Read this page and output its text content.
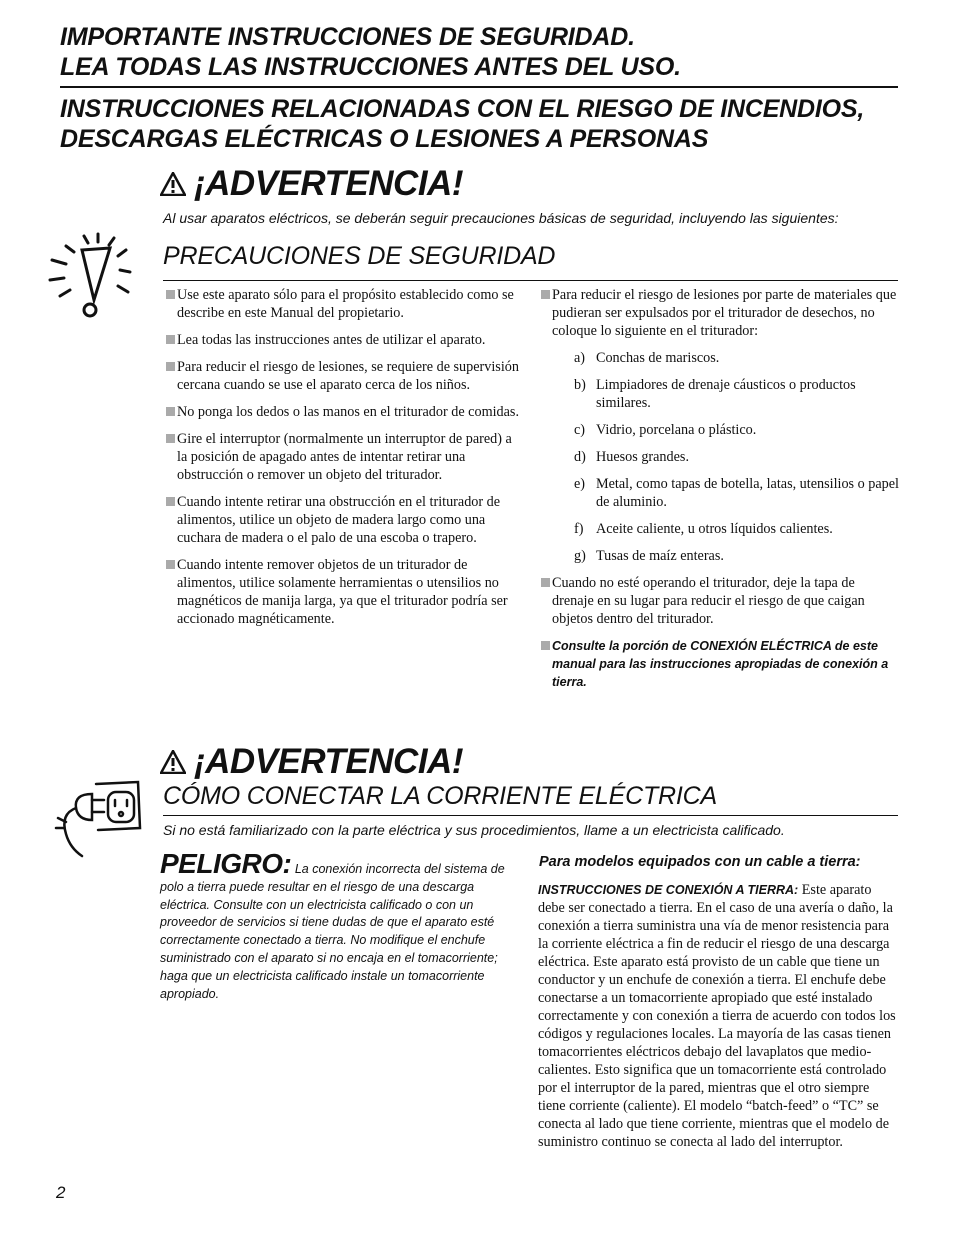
IMPORTANTE INSTRUCCIONES DE SEGURIDAD.
LEA TODAS LAS INSTRUCCIONES ANTES DEL USO.
INSTRUCCIONES RELACIONADAS CON EL RIESGO DE INCENDIOS,
DESCARGAS ELÉCTRICAS O LESIONES A PERSONAS
¡ADVERTENCIA!
Al usar aparatos eléctricos, se deberán seguir precauciones básicas de seguridad, incluyendo las siguientes:
PRECAUCIONES DE SEGURIDAD
Use este aparato sólo para el propósito establecido como se describe en este Manual del propietario.
Lea todas las instrucciones antes de utilizar el aparato.
Para reducir el riesgo de lesiones, se requiere de supervisión cercana cuando se use el aparato cerca de los niños.
No ponga los dedos o las manos en el triturador de comidas.
Gire el interruptor (normalmente un interruptor de pared) a la posición de apagado antes de intentar retirar una obstrucción o remover un objeto del triturador.
Cuando intente retirar una obstrucción en el triturador de alimentos, utilice un objeto de madera largo como una cuchara de madera o el palo de una escoba o trapero.
Cuando intente remover objetos de un triturador de alimentos, utilice solamente herramientas o utensilios no magnéticos de manija larga, ya que el triturador podría ser accionado magnéticamente.
Para reducir el riesgo de lesiones por parte de materiales que pudieran ser expulsados por el triturador de desechos, no coloque lo siguiente en el triturador:
a) Conchas de mariscos.
b) Limpiadores de drenaje cáusticos o productos similares.
c) Vidrio, porcelana o plástico.
d) Huesos grandes.
e) Metal, como tapas de botella, latas, utensilios o papel de aluminio.
f) Aceite caliente, u otros líquidos calientes.
g) Tusas de maíz enteras.
Cuando no esté operando el triturador, deje la tapa de drenaje en su lugar para reducir el riesgo de que caigan objetos dentro del triturador.
Consulte la porción de CONEXIÓN ELÉCTRICA de este manual para las instrucciones apropiadas de conexión a tierra.
¡ADVERTENCIA!
CÓMO CONECTAR LA CORRIENTE ELÉCTRICA
Si no está familiarizado con la parte eléctrica y sus procedimientos, llame a un electricista calificado.
PELIGRO: La conexión incorrecta del sistema de polo a tierra puede resultar en el riesgo de una descarga eléctrica. Consulte con un electricista calificado o con un proveedor de servicios si tiene dudas de que el aparato esté correctamente conectado a tierra. No modifique el enchufe suministrado con el aparato si no encaja en el tomacorriente; haga que un electricista calificado instale un tomacorriente apropiado.
Para modelos equipados con un cable a tierra:
INSTRUCCIONES DE CONEXIÓN A TIERRA: Este aparato debe ser conectado a tierra. En el caso de una avería o daño, la conexión a tierra suministra una vía de menor resistencia para la corriente eléctrica a fin de reducir el riesgo de una descarga eléctrica. Este aparato está provisto de un cable que tiene un conductor y un enchufe de conexión a tierra. El enchufe debe conectarse a un tomacorriente apropiado que esté instalado correctamente y con conexión a tierra de acuerdo con todos los códigos y regulaciones locales. La mayoría de las casas tienen tomacorrientes eléctricos debajo del lavaplatos que medio-calientes. Esto significa que un tomacorriente está controlado por el interruptor de la pared, mientras que el otro siempre tiene corriente (caliente). El modelo “batch-feed” o “TC” se conecta al lado que tiene corriente, mientras que el modelo de suministro continuo se conecta al lado del interruptor.
2
